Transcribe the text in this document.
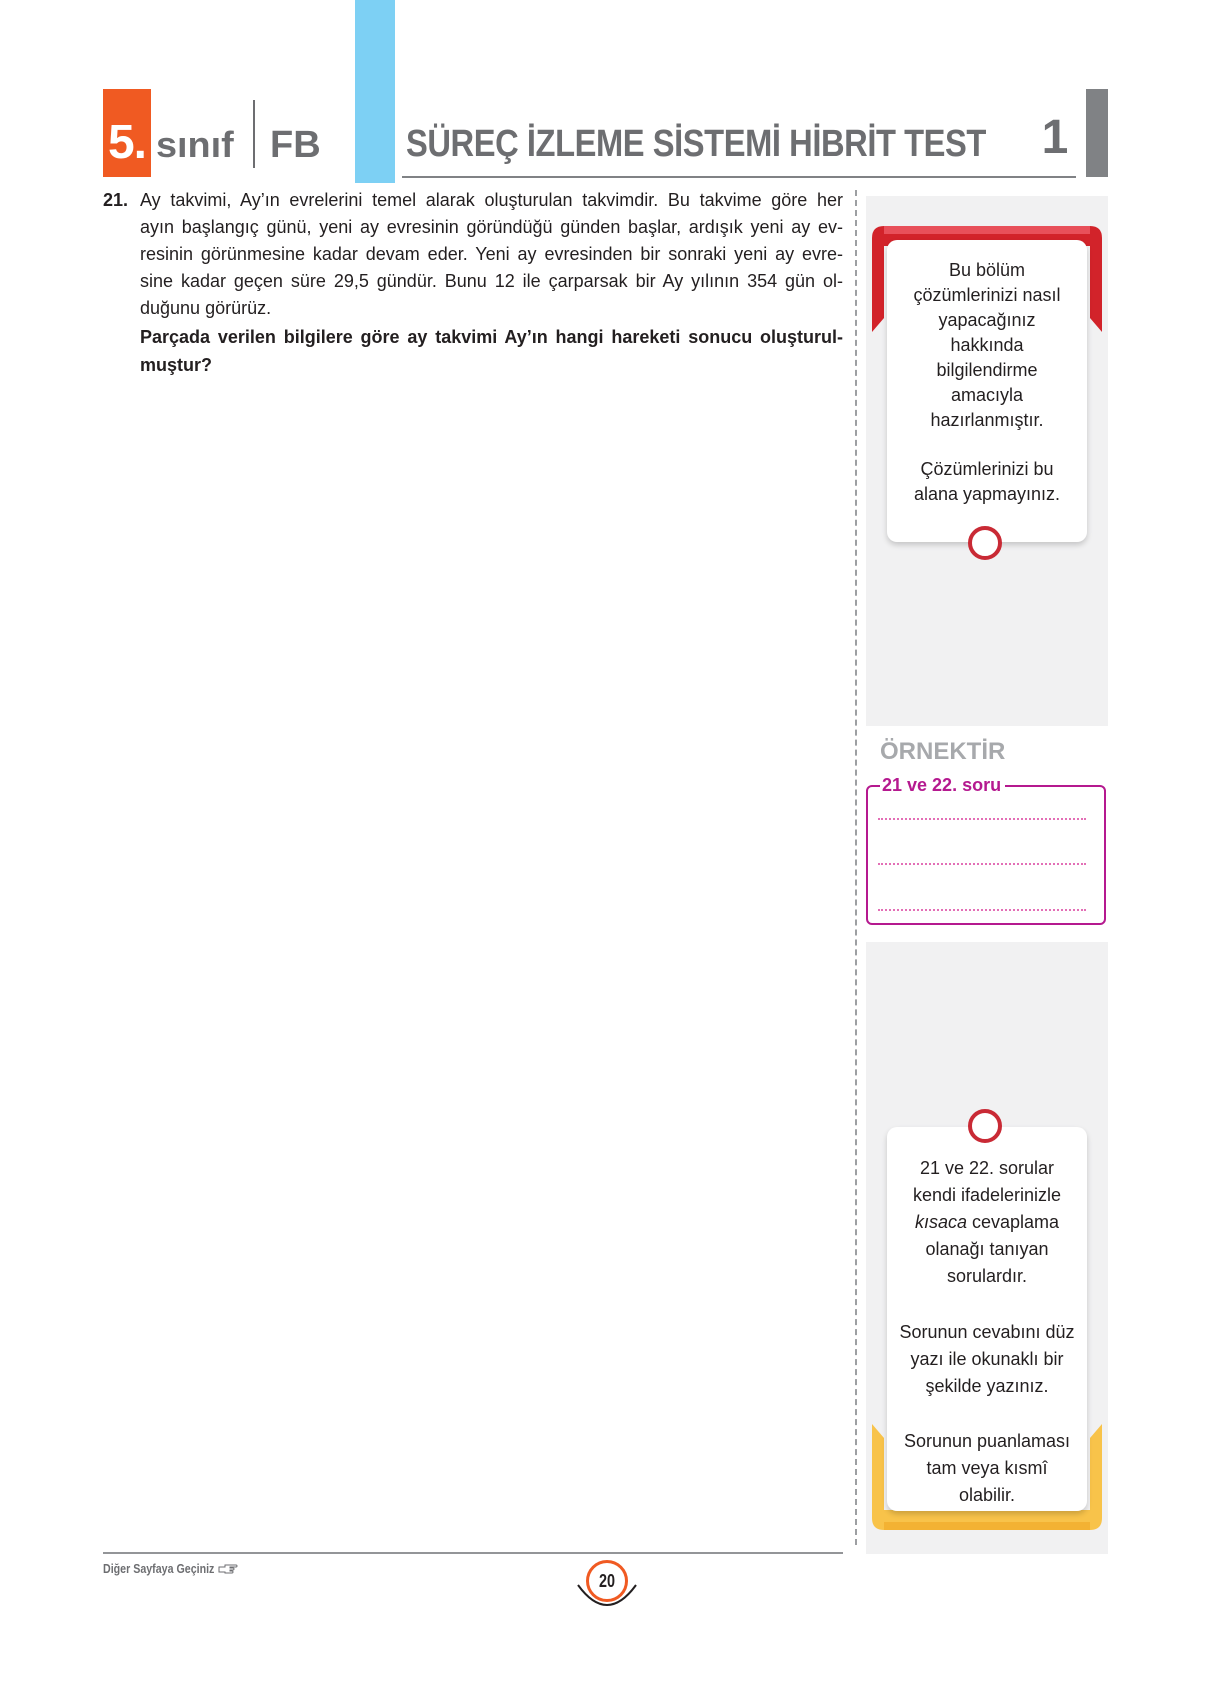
5. sınıf FB SÜREÇ İZLEME SİSTEMİ HİBRİT TEST 1
21. Ay takvimi, Ay’ın evrelerini temel alarak oluşturulan takvimdir. Bu takvime göre her
ayın başlangıç günü, yeni ay evresinin göründüğü günden başlar, ardışık yeni ay ev-
resinin görünmesine kadar devam eder. Yeni ay evresinden bir sonraki yeni ay evre-
sine kadar geçen süre 29,5 gündür. Bunu 12 ile çarparsak bir Ay yılının 354 gün ol-
duğunu görürüz.
Parçada verilen bilgilere göre ay takvimi Ay’ın hangi hareketi sonucu oluşturul-
muştur?
Bu bölüm
çözümlerinizi nasıl
yapacağınız
hakkında
bilgilendirme
amacıyla
hazırlanmıştır.
Çözümlerinizi bu
alana yapmayınız.
ÖRNEKTİR
21 ve 22. soru
21 ve 22. sorular
kendi ifadelerinizle
kısaca cevaplama
olanağı tanıyan
sorulardır.
Sorunun cevabını düz
yazı ile okunaklı bir
şekilde yazınız.
Sorunun puanlaması
tam veya kısmî
olabilir.
Diğer Sayfaya Geçiniz
20
